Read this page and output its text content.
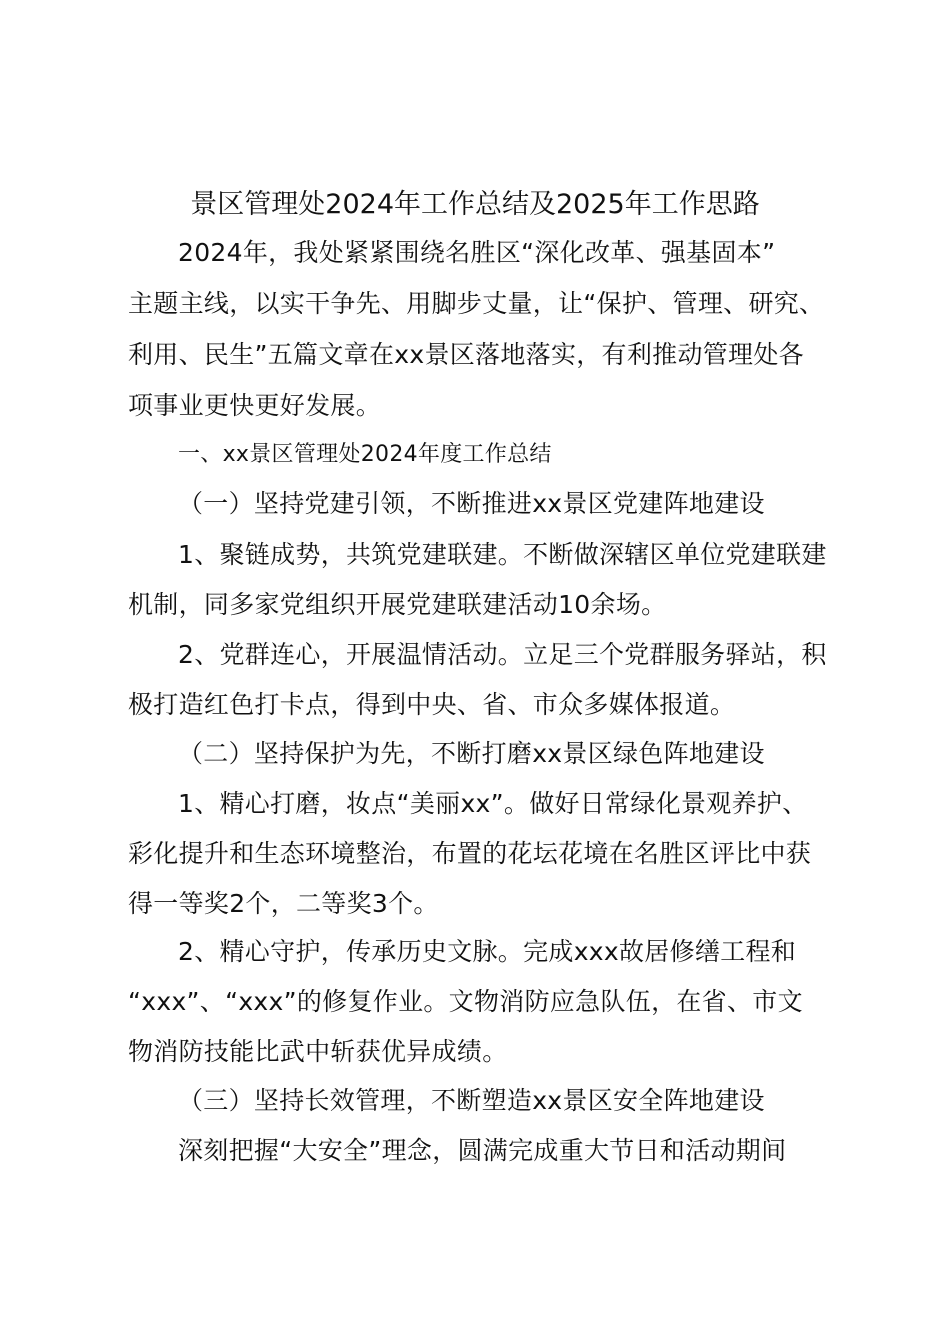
景区管理处2024年工作总结及2025年工作思路
2024年，我处紧紧围绕名胜区“深化改革、强基固本”
主题主线，以实干争先、用脚步丈量，让“保护、管理、研究、
利用、民生”五篇文章在xx景区落地落实，有利推动管理处各
项事业更快更好发展。
一、xx景区管理处2024年度工作总结
（一）坚持党建引领，不断推进xx景区党建阵地建设
1、聚链成势，共筑党建联建。不断做深辖区单位党建联建
机制，同多家党组织开展党建联建活动10余场。
2、党群连心，开展温情活动。立足三个党群服务驿站，积
极打造红色打卡点，得到中央、省、市众多媒体报道。
（二）坚持保护为先，不断打磨xx景区绿色阵地建设
1、精心打磨，妆点“美丽xx”。做好日常绿化景观养护、
彩化提升和生态环境整治，布置的花坛花境在名胜区评比中获
得一等奖2个，二等奖3个。
2、精心守护，传承历史文脉。完成xxx故居修缮工程和
“xxx”、“xxx”的修复作业。文物消防应急队伍，在省、市文
物消防技能比武中斩获优异成绩。
（三）坚持长效管理，不断塑造xx景区安全阵地建设
深刻把握“大安全”理念，圆满完成重大节日和活动期间
